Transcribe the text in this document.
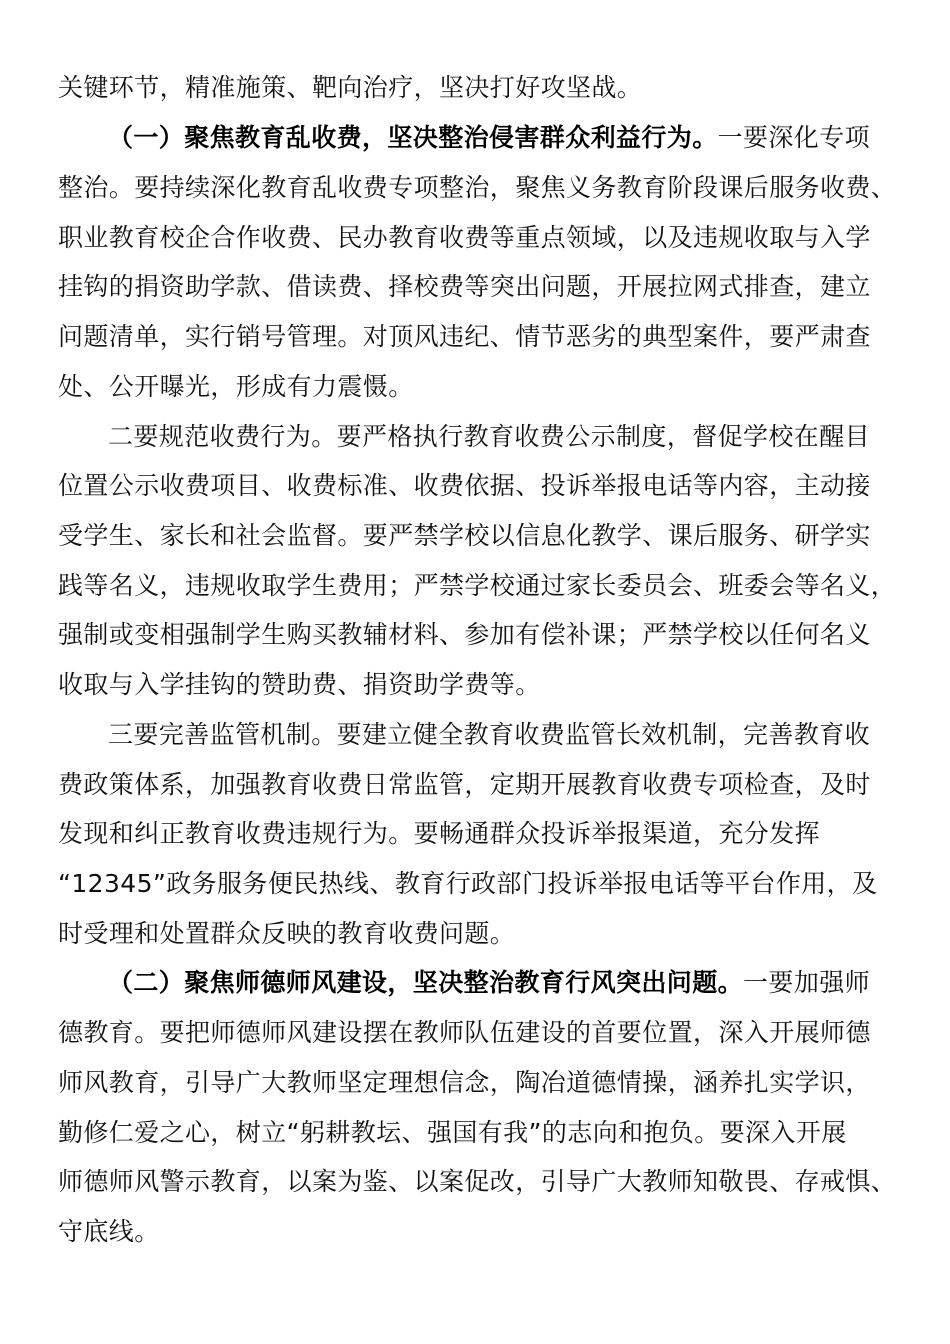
关键环节，精准施策、靶向治疗，坚决打好攻坚战。
（一）聚焦教育乱收费，坚决整治侵害群众利益行为。一要深化专项
整治。要持续深化教育乱收费专项整治，聚焦义务教育阶段课后服务收费、
职业教育校企合作收费、民办教育收费等重点领域，以及违规收取与入学
挂钩的捐资助学款、借读费、择校费等突出问题，开展拉网式排查，建立
问题清单，实行销号管理。对顶风违纪、情节恶劣的典型案件，要严肃查
处、公开曝光，形成有力震慑。
二要规范收费行为。要严格执行教育收费公示制度，督促学校在醒目
位置公示收费项目、收费标准、收费依据、投诉举报电话等内容，主动接
受学生、家长和社会监督。要严禁学校以信息化教学、课后服务、研学实
践等名义，违规收取学生费用；严禁学校通过家长委员会、班委会等名义，
强制或变相强制学生购买教辅材料、参加有偿补课；严禁学校以任何名义
收取与入学挂钩的赞助费、捐资助学费等。
三要完善监管机制。要建立健全教育收费监管长效机制，完善教育收
费政策体系，加强教育收费日常监管，定期开展教育收费专项检查，及时
发现和纠正教育收费违规行为。要畅通群众投诉举报渠道，充分发挥
“12345”政务服务便民热线、教育行政部门投诉举报电话等平台作用，及
时受理和处置群众反映的教育收费问题。
（二）聚焦师德师风建设，坚决整治教育行风突出问题。一要加强师
德教育。要把师德师风建设摆在教师队伍建设的首要位置，深入开展师德
师风教育，引导广大教师坚定理想信念，陶冶道德情操，涵养扎实学识，
勤修仁爱之心，树立“躬耕教坛、强国有我”的志向和抱负。要深入开展
师德师风警示教育，以案为鉴、以案促改，引导广大教师知敬畏、存戒惧、
守底线。
